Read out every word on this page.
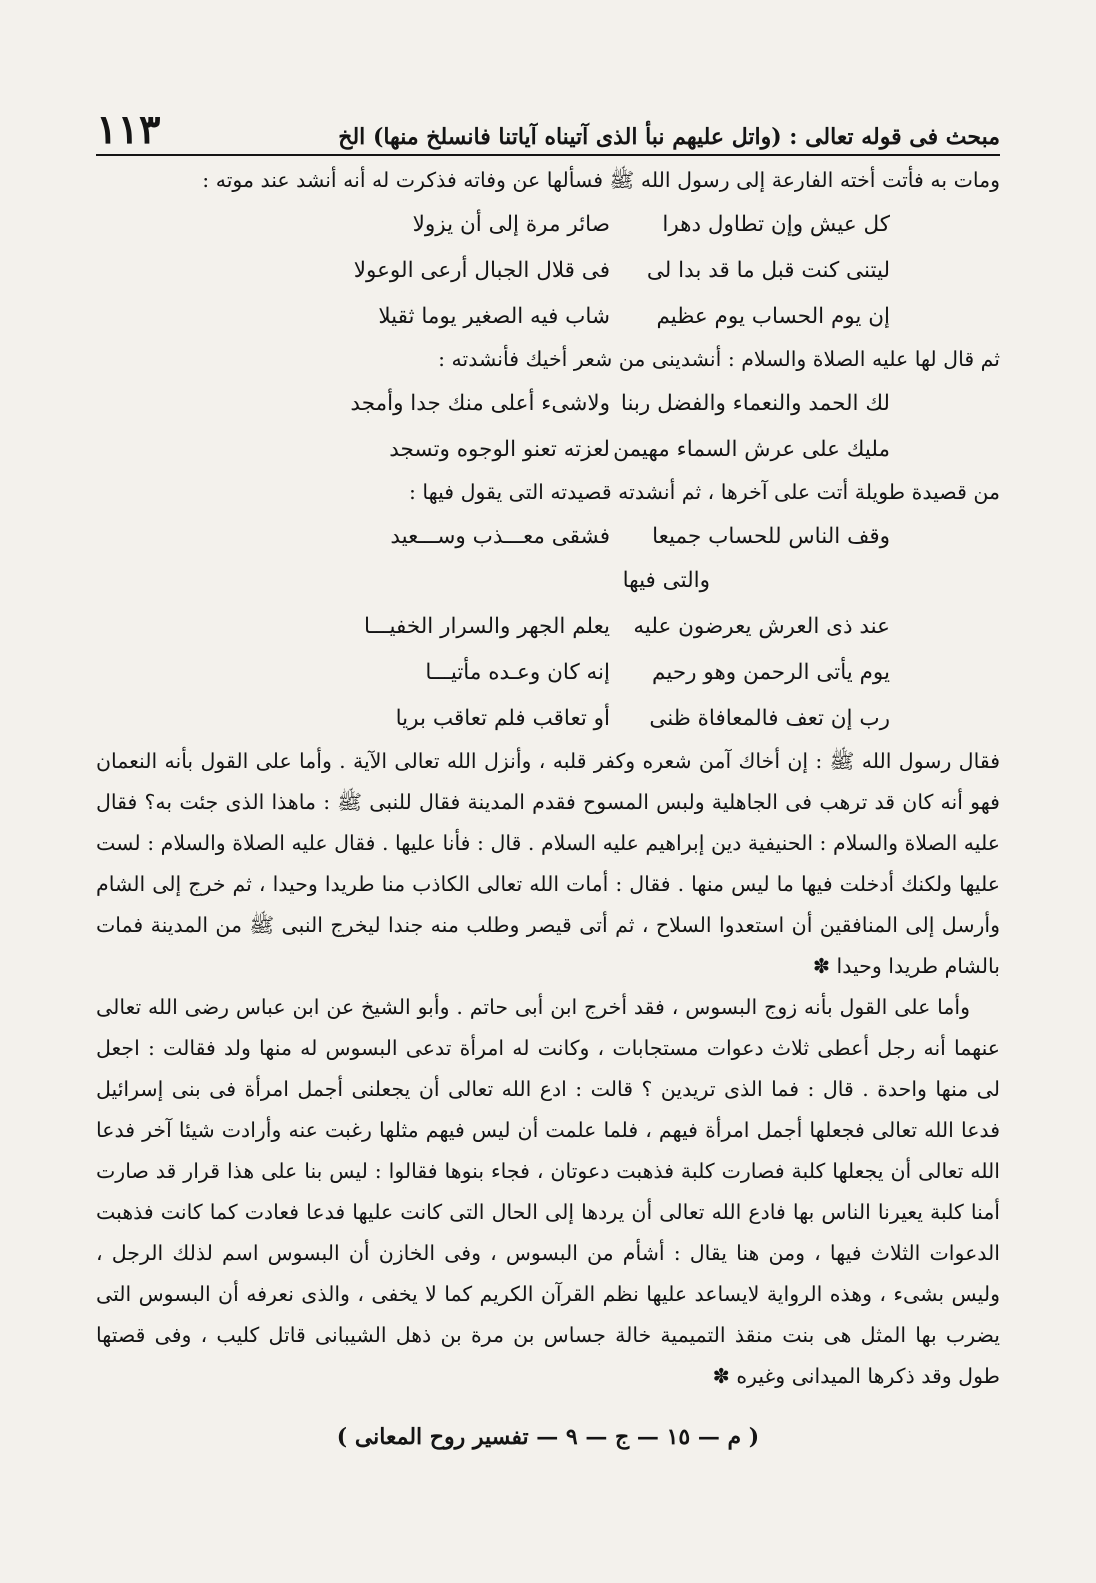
مبحث فى قوله تعالى : (واتل عليهم نبأ الذى آتيناه آياتنا فانسلخ منها) الخ
١١٣

ومات به فأتت أخته الفارعة إلى رسول الله ﷺ فسألها عن وفاته فذكرت له أنه أنشد عند موته :

كل عيش وإن تطاول دهرا
صائر مرة إلى أن يزولا
ليتنى كنت قبل ما قد بدا لى
فى قلال الجبال أرعى الوعولا
إن يوم الحساب يوم عظيم
شاب فيه الصغير يوما ثقيلا

ثم قال لها عليه الصلاة والسلام : أنشدينى من شعر أخيك فأنشدته :

لك الحمد والنعماء والفضل ربنا
ولاشىء أعلى منك جدا وأمجد
مليك على عرش السماء مهيمن
لعزته تعنو الوجوه وتسجد

من قصيدة طويلة أتت على آخرها ، ثم أنشدته قصيدته التى يقول فيها :

وقف الناس للحساب جميعا
فشقى معـــذب وســـعيد
والتى فيها
عند ذى العرش يعرضون عليه
يعلم الجهر والسرار الخفيـــا
يوم يأتى الرحمن وهو رحيم
إنه كان وعـده مأتيـــا
رب إن تعف فالمعافاة ظنى
أو تعاقب فلم تعاقب بريا

فقال رسول الله ﷺ : إن أخاك آمن شعره وكفر قلبه ، وأنزل الله تعالى الآية . وأما على القول بأنه النعمان فهو أنه كان قد ترهب فى الجاهلية ولبس المسوح فقدم المدينة فقال للنبى ﷺ : ماهذا الذى جئت به؟ فقال عليه الصلاة والسلام : الحنيفية دين إبراهيم عليه السلام . قال : فأنا عليها . فقال عليه الصلاة والسلام : لست عليها ولكنك أدخلت فيها ما ليس منها . فقال : أمات الله تعالى الكاذب منا طريدا وحيدا ، ثم خرج إلى الشام وأرسل إلى المنافقين أن استعدوا السلاح ، ثم أتى قيصر وطلب منه جندا ليخرج النبى ﷺ من المدينة فمات بالشام طريدا وحيدا ✽

وأما على القول بأنه زوج البسوس ، فقد أخرج ابن أبى حاتم . وأبو الشيخ عن ابن عباس رضى الله تعالى عنهما أنه رجل أعطى ثلاث دعوات مستجابات ، وكانت له امرأة تدعى البسوس له منها ولد فقالت : اجعل لى منها واحدة . قال : فما الذى تريدين ؟ قالت : ادع الله تعالى أن يجعلنى أجمل امرأة فى بنى إسرائيل فدعا الله تعالى فجعلها أجمل امرأة فيهم ، فلما علمت أن ليس فيهم مثلها رغبت عنه وأرادت شيئا آخر فدعا الله تعالى أن يجعلها كلبة فصارت كلبة فذهبت دعوتان ، فجاء بنوها فقالوا : ليس بنا على هذا قرار قد صارت أمنا كلبة يعيرنا الناس بها فادع الله تعالى أن يردها إلى الحال التى كانت عليها فدعا فعادت كما كانت فذهبت الدعوات الثلاث فيها ، ومن هنا يقال : أشأم من البسوس ، وفى الخازن أن البسوس اسم لذلك الرجل ، وليس بشىء ، وهذه الرواية لايساعد عليها نظم القرآن الكريم كما لا يخفى ، والذى نعرفه أن البسوس التى يضرب بها المثل هى بنت منقذ التميمية خالة جساس بن مرة بن ذهل الشيبانى قاتل كليب ، وفى قصتها طول وقد ذكرها الميدانى وغيره ✽

( م — ١٥ — ج — ٩ — تفسير روح المعانى )
